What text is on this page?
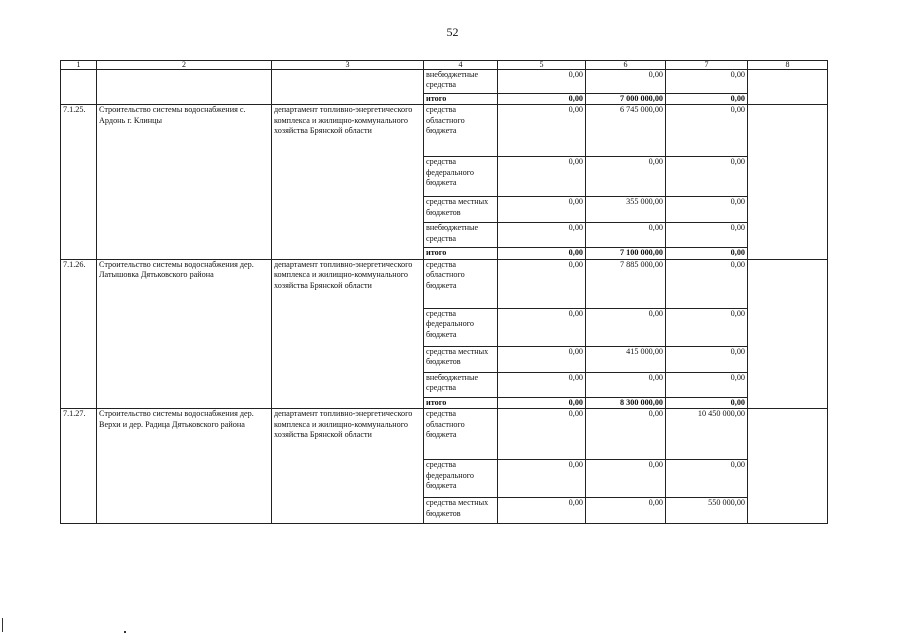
52
1	2	3	4	5	6	7	8
			внебюджетные средства	0,00	0,00	0,00	
			итого	0,00	7 000 000,00	0,00	
7.1.25.	Строительство системы водоснабжения с. Ардонь г. Клинцы	департамент топливно-энергетического комплекса и жилищно-коммунального хозяйства Брянской области	средства областного бюджета	0,00	6 745 000,00	0,00	
			средства федерального бюджета	0,00	0,00	0,00	
			средства местных бюджетов	0,00	355 000,00	0,00	
			внебюджетные средства	0,00	0,00	0,00	
			итого	0,00	7 100 000,00	0,00	
7.1.26.	Строительство системы водоснабжения дер. Латышовка Дятьковского района	департамент топливно-энергетического комплекса и жилищно-коммунального хозяйства Брянской области	средства областного бюджета	0,00	7 885 000,00	0,00	
			средства федерального бюджета	0,00	0,00	0,00	
			средства местных бюджетов	0,00	415 000,00	0,00	
			внебюджетные средства	0,00	0,00	0,00	
			итого	0,00	8 300 000,00	0,00	
7.1.27.	Строительство системы водоснабжения дер. Верхи и дер. Радица Дятьковского района	департамент топливно-энергетического комплекса и жилищно-коммунального хозяйства Брянской области	средства областного бюджета	0,00	0,00	10 450 000,00	
			средства федерального бюджета	0,00	0,00	0,00	
			средства местных бюджетов	0,00	0,00	550 000,00	
